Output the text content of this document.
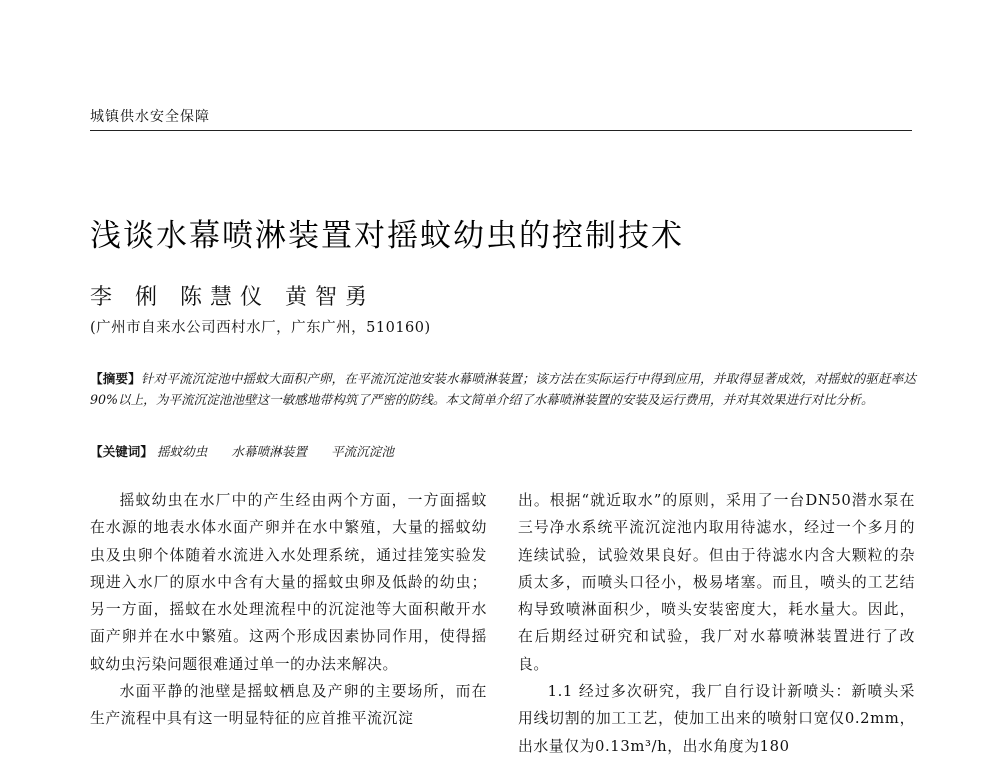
城镇供水安全保障
浅谈水幕喷淋装置对摇蚊幼虫的控制技术
李 俐 陈慧仪 黄智勇
(广州市自来水公司西村水厂，广东广州，510160)
【摘要】针对平流沉淀池中摇蚊大面积产卵，在平流沉淀池安装水幕喷淋装置；该方法在实际运行中得到应用，并取得显著成效，对摇蚊的驱赶率达90%以上，为平流沉淀池池壁这一敏感地带构筑了严密的防线。本文简单介绍了水幕喷淋装置的安装及运行费用，并对其效果进行对比分析。
【关键词】 摇蚊幼虫 水幕喷淋装置 平流沉淀池

摇蚊幼虫在水厂中的产生经由两个方面，一方面摇蚊在水源的地表水体水面产卵并在水中繁殖，大量的摇蚊幼虫及虫卵个体随着水流进入水处理系统，通过挂笼实验发现进入水厂的原水中含有大量的摇蚊虫卵及低龄的幼虫；另一方面，摇蚊在水处理流程中的沉淀池等大面积敞开水面产卵并在水中繁殖。这两个形成因素协同作用，使得摇蚊幼虫污染问题很难通过单一的办法来解决。

水面平静的池壁是摇蚊栖息及产卵的主要场所，而在生产流程中具有这一明显特征的应首推平流沉淀

出。根据“就近取水”的原则，采用了一台DN50潜水泵在三号净水系统平流沉淀池内取用待滤水，经过一个多月的连续试验，试验效果良好。但由于待滤水内含大颗粒的杂质太多，而喷头口径小，极易堵塞。而且，喷头的工艺结构导致喷淋面积少，喷头安装密度大，耗水量大。因此，在后期经过研究和试验，我厂对水幕喷淋装置进行了改良。

1.1 经过多次研究，我厂自行设计新喷头：新喷头采用线切割的加工工艺，使加工出来的喷射口宽仅0.2mm，出水量仅为0.13m³/h，出水角度为180
